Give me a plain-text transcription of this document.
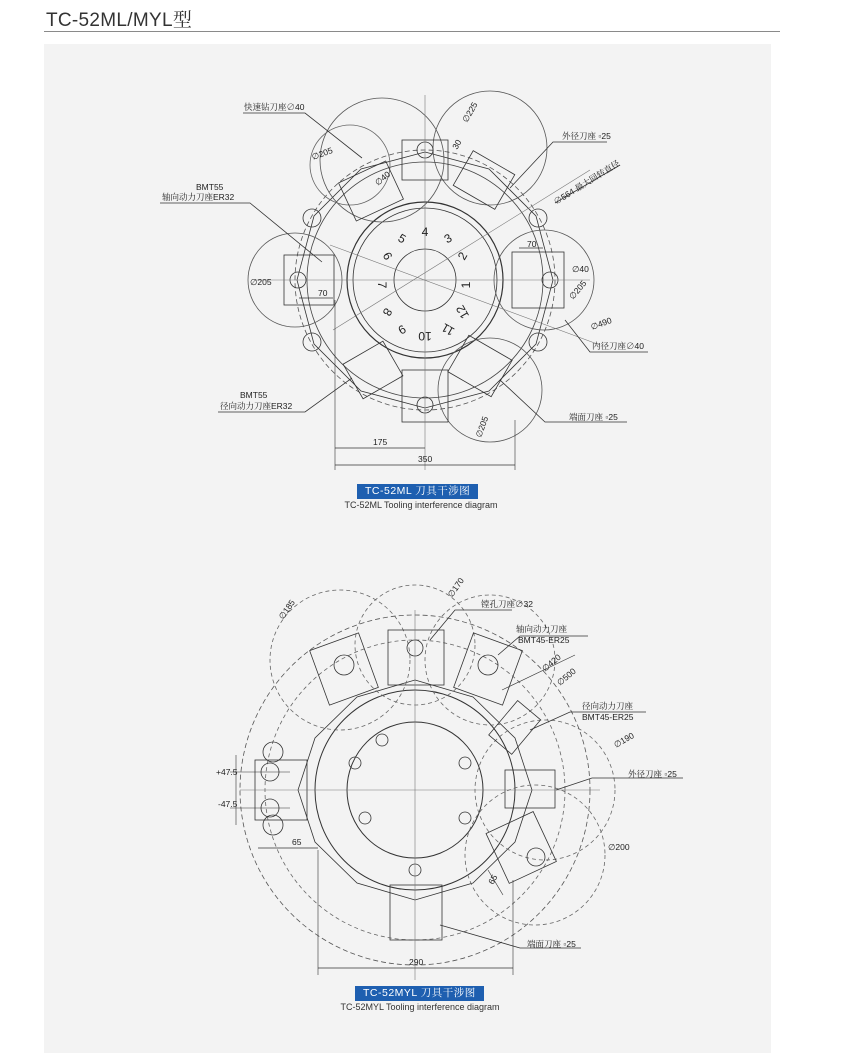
TC-52ML/MYL型
1
2
3
4
5
6
7
8
9 10 11
12
快速钻刀座∅40
外径刀座 ▫25
∅564 最大回转直径
BMT55
轴向动力刀座ER32
BMT55
径向动力刀座ER32
内径刀座∅40
端面刀座 ▫25
∅225
∅205
∅205	∅205
∅40
∅40
∅490
∅205
30
70
70
175
350
镗孔刀座∅32
轴向动力刀座
BMT45-ER25
径向动力刀座
BMT45-ER25
外径刀座 ▫25
端面刀座 ▫25
∅185
∅170
∅420
∅500
∅190
∅200
+47.5
-47.5
65
65
290
TC-52ML 刀具干涉图
TC-52ML Tooling interference diagram
TC-52MYL 刀具干涉图
TC-52MYL Tooling interference diagram
